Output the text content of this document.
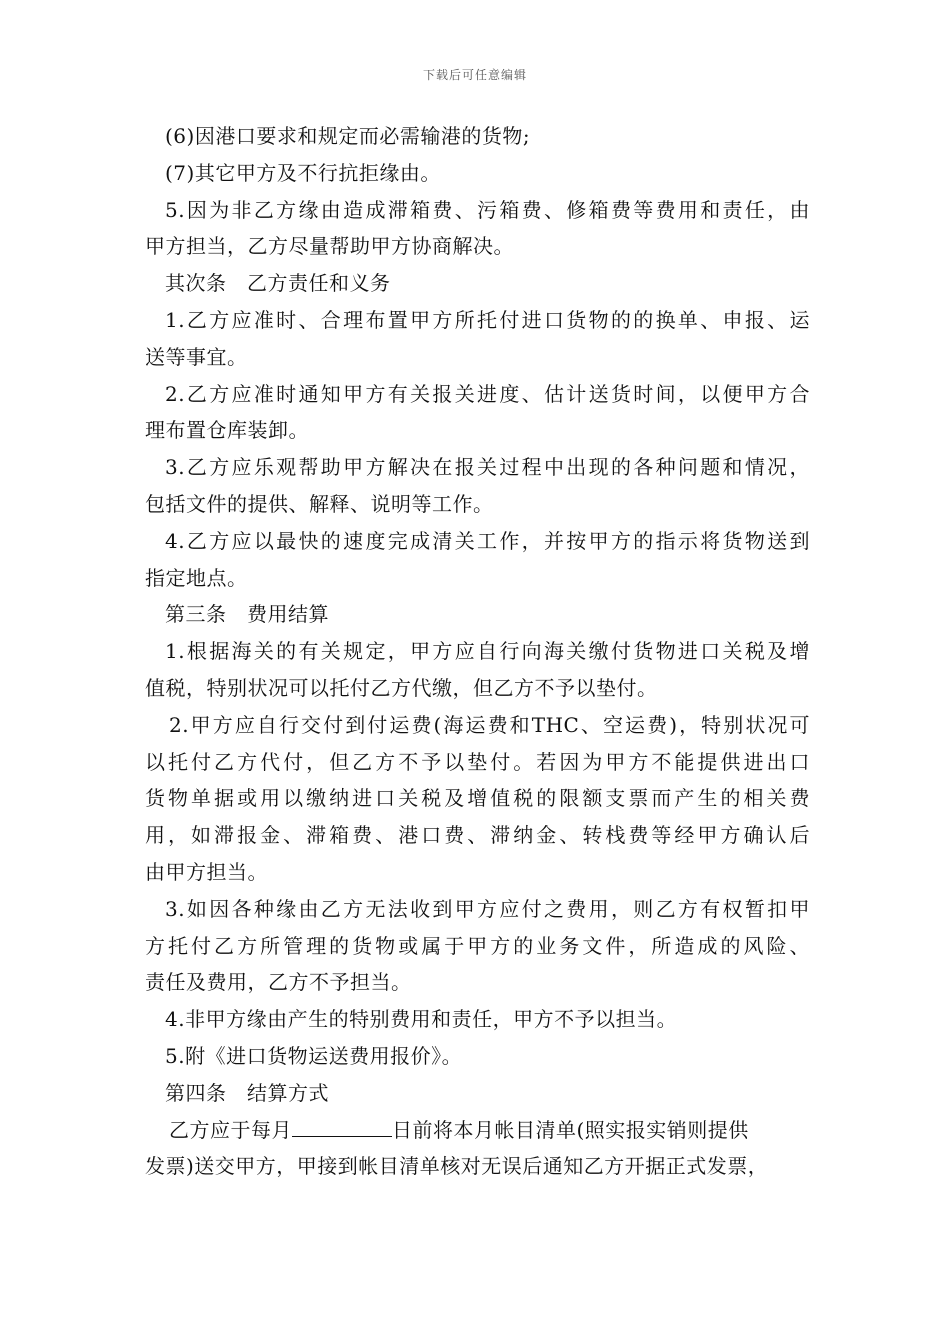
下载后可任意编辑
(6)因港口要求和规定而必需输港的货物;
(7)其它甲方及不行抗拒缘由。
5.因为非乙方缘由造成滞箱费、污箱费、修箱费等费用和责任，由
甲方担当，乙方尽量帮助甲方协商解决。
其次条　乙方责任和义务
1.乙方应准时、合理布置甲方所托付进口货物的的换单、申报、运
送等事宜。
2.乙方应准时通知甲方有关报关进度、估计送货时间，以便甲方合
理布置仓库装卸。
3.乙方应乐观帮助甲方解决在报关过程中出现的各种问题和情况，
包括文件的提供、解释、说明等工作。
4.乙方应以最快的速度完成清关工作，并按甲方的指示将货物送到
指定地点。
第三条　费用结算
1.根据海关的有关规定，甲方应自行向海关缴付货物进口关税及增
值税，特别状况可以托付乙方代缴，但乙方不予以垫付。
2.甲方应自行交付到付运费(海运费和THC、空运费)，特别状况可
以托付乙方代付，但乙方不予以垫付。若因为甲方不能提供进出口
货物单据或用以缴纳进口关税及增值税的限额支票而产生的相关费
用，如滞报金、滞箱费、港口费、滞纳金、转栈费等经甲方确认后
由甲方担当。
3.如因各种缘由乙方无法收到甲方应付之费用，则乙方有权暂扣甲
方托付乙方所管理的货物或属于甲方的业务文件，所造成的风险、
责任及费用，乙方不予担当。
4.非甲方缘由产生的特别费用和责任，甲方不予以担当。
5.附《进口货物运送费用报价》。
第四条　结算方式
乙方应于每月	日前将本月帐目清单(照实报实销则提供
发票)送交甲方，甲接到帐目清单核对无误后通知乙方开据正式发票，
